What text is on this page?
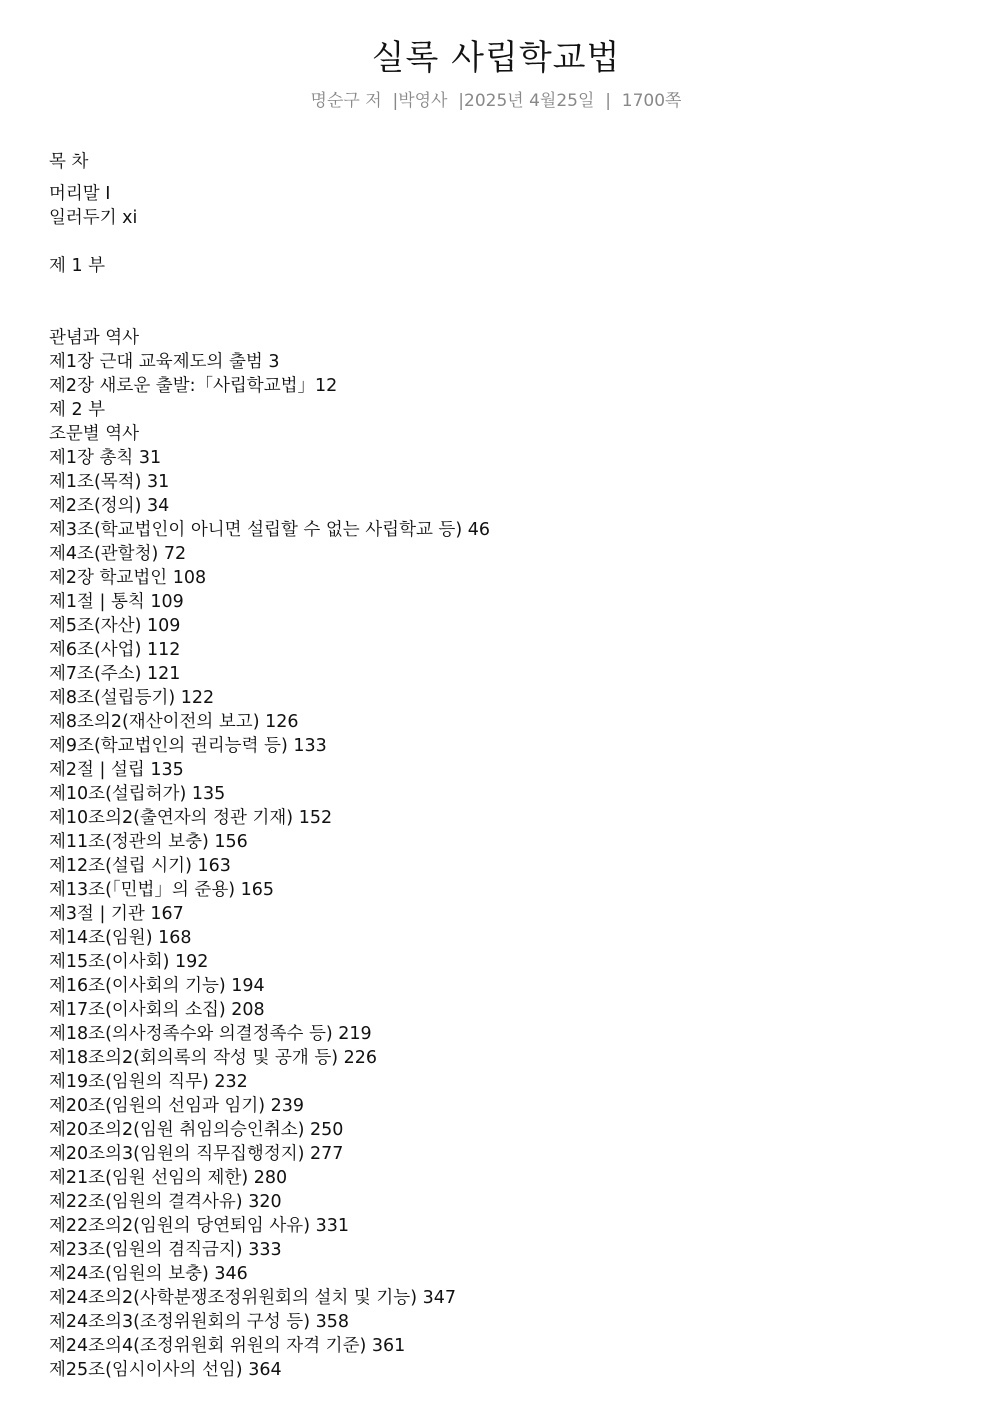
실록 사립학교법
명순구 저 |박영사 |2025년 4월25일 | 1700쪽
목 차
머리말 I
일러두기 xi
제 1 부
관념과 역사
제1장 근대 교육제도의 출범 3
제2장 새로운 출발:「사립학교법」12
제 2 부
조문별 역사
제1장 총칙 31
제1조(목적) 31
제2조(정의) 34
제3조(학교법인이 아니면 설립할 수 없는 사립학교 등) 46
제4조(관할청) 72
제2장 학교법인 108
제1절 | 통칙 109
제5조(자산) 109
제6조(사업) 112
제7조(주소) 121
제8조(설립등기) 122
제8조의2(재산이전의 보고) 126
제9조(학교법인의 권리능력 등) 133
제2절 | 설립 135
제10조(설립허가) 135
제10조의2(출연자의 정관 기재) 152
제11조(정관의 보충) 156
제12조(설립 시기) 163
제13조(「민법」의 준용) 165
제3절 | 기관 167
제14조(임원) 168
제15조(이사회) 192
제16조(이사회의 기능) 194
제17조(이사회의 소집) 208
제18조(의사정족수와 의결정족수 등) 219
제18조의2(회의록의 작성 및 공개 등) 226
제19조(임원의 직무) 232
제20조(임원의 선임과 임기) 239
제20조의2(임원 취임의승인취소) 250
제20조의3(임원의 직무집행정지) 277
제21조(임원 선임의 제한) 280
제22조(임원의 결격사유) 320
제22조의2(임원의 당연퇴임 사유) 331
제23조(임원의 겸직금지) 333
제24조(임원의 보충) 346
제24조의2(사학분쟁조정위원회의 설치 및 기능) 347
제24조의3(조정위원회의 구성 등) 358
제24조의4(조정위원회 위원의 자격 기준) 361
제25조(임시이사의 선임) 364
